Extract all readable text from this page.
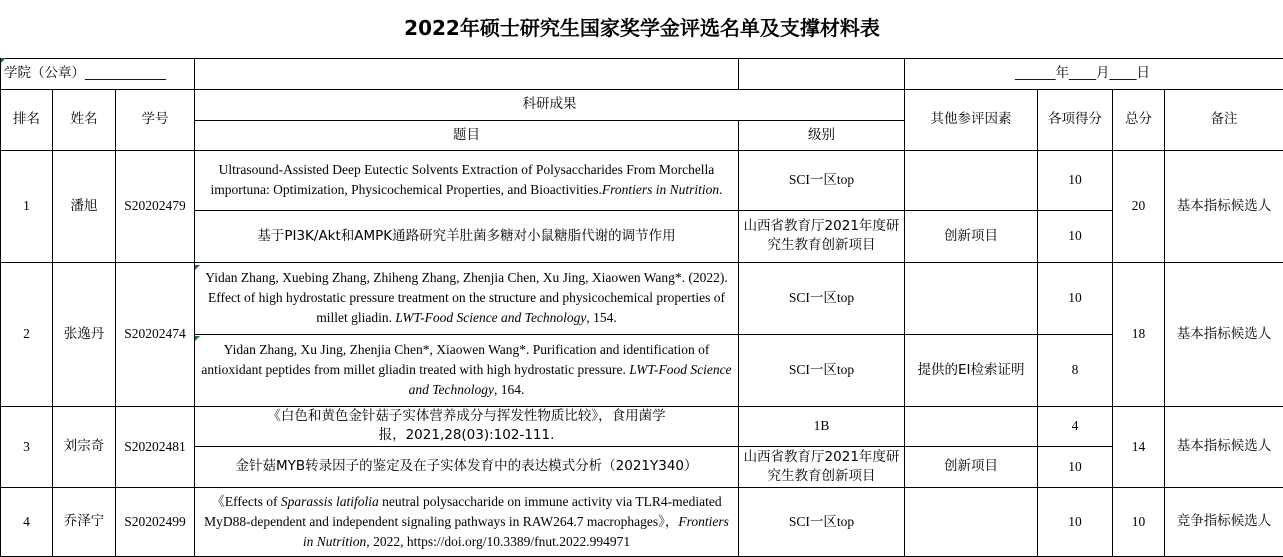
2022年硕士研究生国家奖学金评选名单及支撑材料表								
学院（公章）____________					______年____月____日			
排名	姓名	学号	科研成果		其他参评因素	各项得分	总分	备注
			题目	级别				
1	潘旭	S20202479	Ultrasound-Assisted Deep Eutectic Solvents Extraction of Polysaccharides From Morchella importuna: Optimization, Physicochemical Properties, and Bioactivities.Frontiers in Nutrition.	SCI一区top		10	20	基本指标候选人
			基于PI3K/Akt和AMPK通路研究羊肚菌多糖对小鼠糖脂代谢的调节作用	山西省教育厅2021年度研究生教育创新项目	创新项目	10		
2	张逸丹	S20202474	Yidan Zhang, Xuebing Zhang, Zhiheng Zhang, Zhenjia Chen, Xu Jing, Xiaowen Wang*. (2022). Effect of high hydrostatic pressure treatment on the structure and physicochemical properties of millet gliadin. LWT-Food Science and Technology, 154.	SCI一区top		10	18	基本指标候选人
			Yidan Zhang, Xu Jing, Zhenjia Chen*, Xiaowen Wang*. Purification and identification of antioxidant peptides from millet gliadin treated with high hydrostatic pressure. LWT-Food Science and Technology, 164.	SCI一区top	提供的EI检索证明	8		
3	刘宗奇	S20202481	《白色和黄色金针菇子实体营养成分与挥发性物质比较》，食用菌学报，2021,28(03):102-111.	1B		4	14	基本指标候选人
			金针菇MYB转录因子的鉴定及在子实体发育中的表达模式分析（2021Y340）	山西省教育厅2021年度研究生教育创新项目	创新项目	10		
4	乔泽宁	S20202499	《Effects of Sparassis latifolia neutral polysaccharide on immune activity via TLR4-mediated MyD88-dependent and independent signaling pathways in RAW264.7 macrophages》，Frontiers in Nutrition, 2022, https://doi.org/10.3389/fnut.2022.994971	SCI一区top		10	10	竞争指标候选人
